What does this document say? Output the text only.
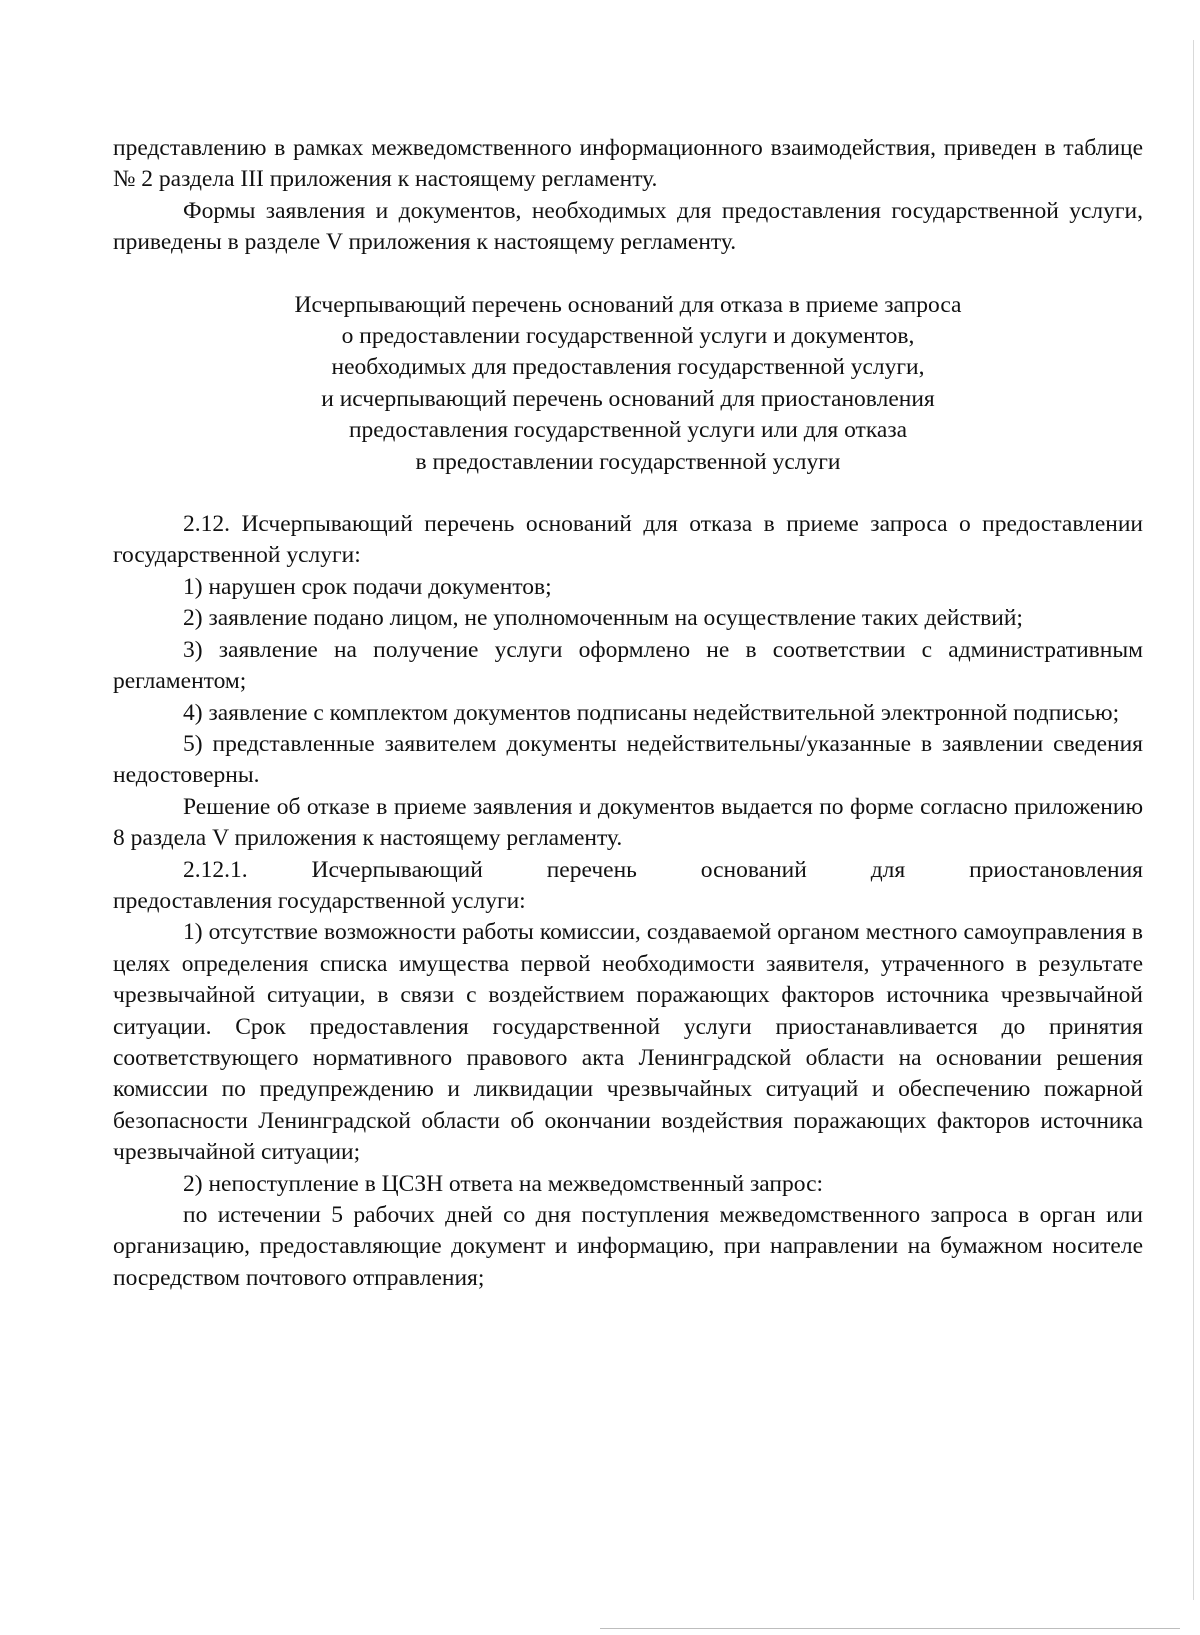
представлению в рамках межведомственного информационного взаимодействия, приведен в таблице № 2 раздела III приложения к настоящему регламенту.

Формы заявления и документов, необходимых для предоставления государственной услуги, приведены в разделе V приложения к настоящему регламенту.

Исчерпывающий перечень оснований для отказа в приеме запроса
о предоставлении государственной услуги и документов,
необходимых для предоставления государственной услуги,
и исчерпывающий перечень оснований для приостановления
предоставления государственной услуги или для отказа
в предоставлении государственной услуги

2.12. Исчерпывающий перечень оснований для отказа в приеме запроса о предоставлении государственной услуги:

1) нарушен срок подачи документов;

2) заявление подано лицом, не уполномоченным на осуществление таких действий;

3) заявление на получение услуги оформлено не в соответствии с административным регламентом;

4) заявление с комплектом документов подписаны недействительной электронной подписью;

5) представленные заявителем документы недействительны/указанные в заявлении сведения недостоверны.

Решение об отказе в приеме заявления и документов выдается по форме согласно приложению 8 раздела V приложения к настоящему регламенту.

2.12.1.	Исчерпывающий	перечень	оснований	для	приостановления

предоставления государственной услуги:

1) отсутствие возможности работы комиссии, создаваемой органом местного самоуправления в целях определения списка имущества первой необходимости заявителя, утраченного в результате чрезвычайной ситуации, в связи с воздействием поражающих факторов источника чрезвычайной ситуации. Срок предоставления государственной услуги приостанавливается до принятия соответствующего нормативного правового акта Ленинградской области на основании решения комиссии по предупреждению и ликвидации чрезвычайных ситуаций и обеспечению пожарной безопасности Ленинградской области об окончании воздействия поражающих факторов источника чрезвычайной ситуации;

2) непоступление в ЦСЗН ответа на межведомственный запрос:

по истечении 5 рабочих дней со дня поступления межведомственного запроса в орган или организацию, предоставляющие документ и информацию, при направлении на бумажном носителе посредством почтового отправления;
